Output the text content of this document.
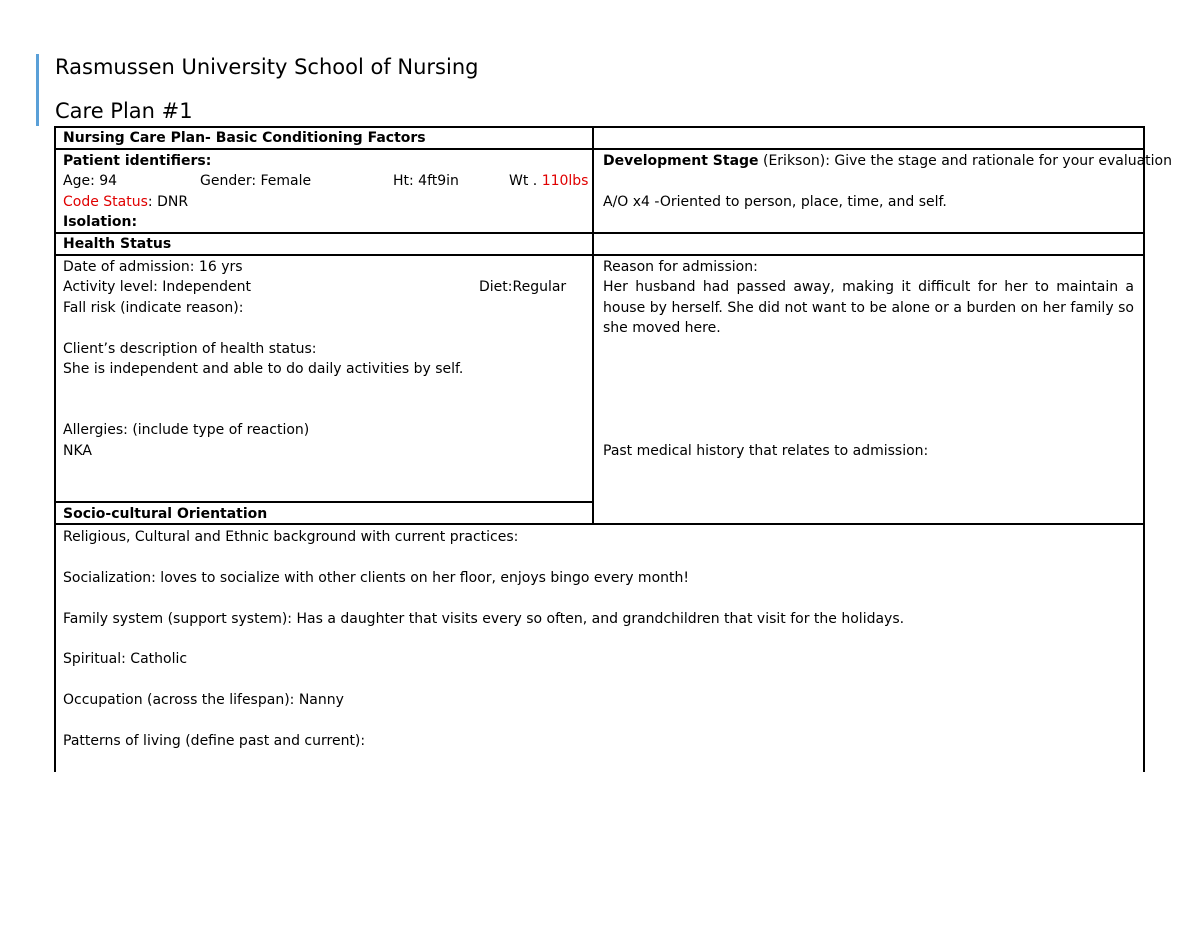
Rasmussen University School of Nursing
Care Plan #1
Nursing Care Plan- Basic Conditioning Factors
Patient identifiers:
Age: 94	Gender: Female	Ht: 4ft9in	Wt . 110lbs
Code Status: DNR
Isolation:
Development Stage (Erikson): Give the stage and rationale for your evaluation
A/O x4 -Oriented to person, place, time, and self.
Health Status
Date of admission: 16 yrs
Activity level: Independent	Diet:Regular
Fall risk (indicate reason):
Client’s description of health status:
She is independent and able to do daily activities by self.
Allergies: (include type of reaction)
NKA
Reason for admission:

Her husband had passed away, making it difficult for her to maintain a house by herself. She did not want to be alone or a burden on her family so she moved here.

Past medical history that relates to admission:
Socio-cultural Orientation
Religious, Cultural and Ethnic background with current practices:
Socialization: loves to socialize with other clients on her floor, enjoys bingo every month!
Family system (support system): Has a daughter that visits every so often, and grandchildren that visit for the holidays.
Spiritual: Catholic
Occupation (across the lifespan): Nanny
Patterns of living (define past and current):
